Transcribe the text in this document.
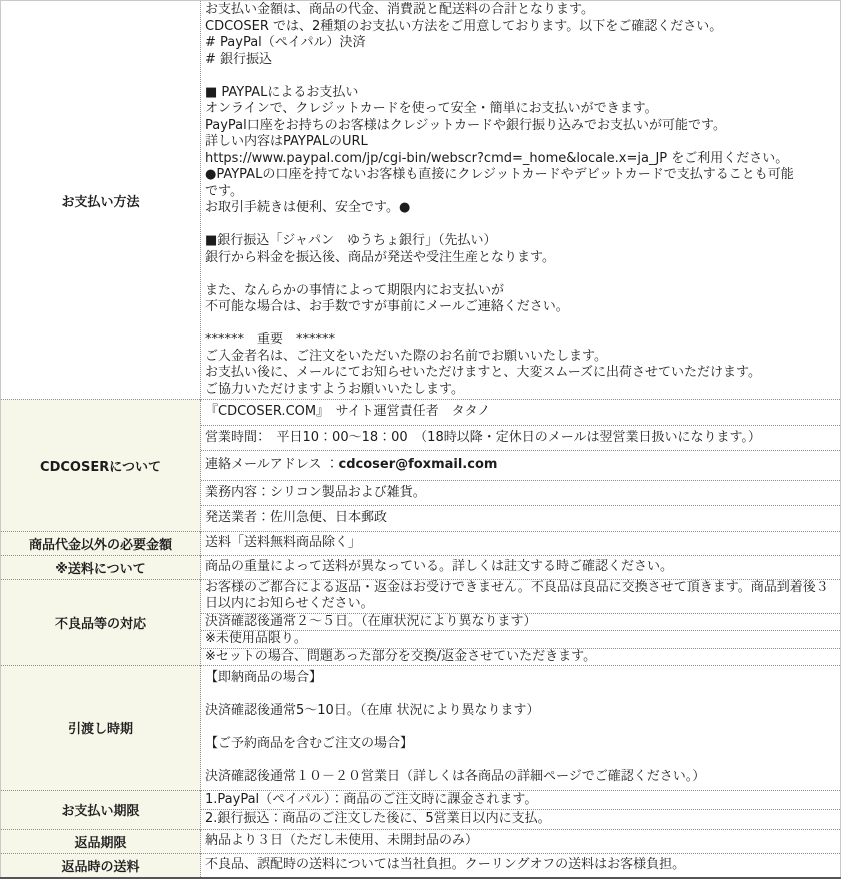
お支払い方法	
お支払い金額は、商品の代金、消費説と配送料の合計となります。
CDCOSER では、2種類のお支払い方法をご用意しております。以下をご確認ください。
# PayPal（ペイパル）決済
# 銀行振込

■ PAYPALによるお支払い
オンラインで、クレジットカードを使って安全・簡単にお支払いができます。
PayPal口座をお持ちのお客様はクレジットカードや銀行振り込みでお支払いが可能です。
詳しい内容はPAYPALのURL
https://www.paypal.com/jp/cgi-bin/webscr?cmd=_home&locale.x=ja_JP をご利用ください。
●PAYPALの口座を持てないお客様も直接にクレジットカードやデビットカードで支払することも可能
です。
お取引手続きは便利、安全です。●

■銀行振込「ジャパン　ゆうちょ銀行」（先払い）
銀行から料金を振込後、商品が発送や受注生産となります。

また、なんらかの事情によって期限内にお支払いが
不可能な場合は、お手数ですが事前にメールご連絡ください。

******　重要　******
ご入金者名は、ご注文をいただいた際のお名前でお願いいたします。
お支払い後に、メールにてお知らせいただけますと、大変スムーズに出荷させていただけます。
ご協力いただけますようお願いいたします。

CDCOSERについて	『CDCOSER.COM』　サイト運営責任者　タタノ
営業時間：　平日10：00～18：00　（18時以降・定休日のメールは翌営業日扱いになります。）
連絡メールアドレス ：cdcoser@foxmail.com
業務内容：シリコン製品および雑貨。
発送業者：佐川急便、日本郵政

商品代金以外の必要金額	送料「送料無料商品除く」

※送料について	商品の重量によって送料が異なっている。詳しくは註文する時ご確認ください。

不良品等の対応	お客様のご都合による返品・返金はお受けできません。不良品は良品に交換させて頂きます。商品到着後３日以内にお知らせください。
決済確認後通常２～５日。（在庫状況により異なります）
※未使用品限り。
※セットの場合、問題あった部分を交換/返金させていただきます。

引渡し時期	【即納商品の場合】

決済確認後通常5～10日。（在庫 状況により異なります）

【ご予約商品を含むご注文の場合】

決済確認後通常１０－２０営業日（詳しくは各商品の詳細ページでご確認ください。）

お支払い期限	1.PayPal（ペイパル）：商品のご注文時に課金されます。
2.銀行振込：商品のご注文した後に、5営業日以内に支払。

返品期限	納品より３日（ただし未使用、未開封品のみ）

返品時の送料	不良品、誤配時の送料については当社負担。クーリングオフの送料はお客様負担。
